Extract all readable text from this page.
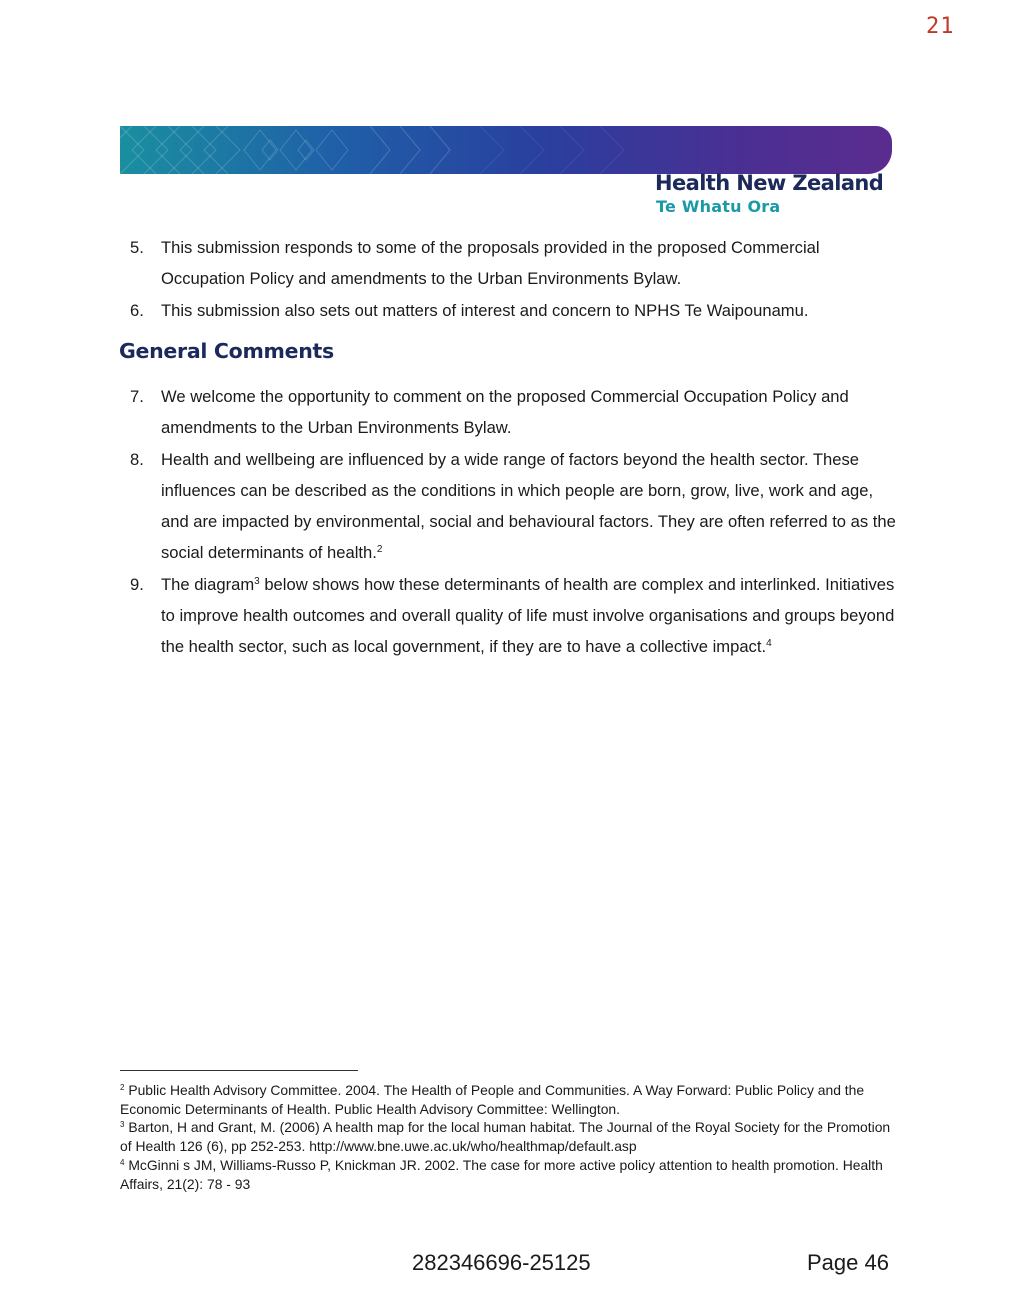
21
Health New Zealand
Te Whatu Ora
5. This submission responds to some of the proposals provided in the proposed Commercial Occupation Policy and amendments to the Urban Environments Bylaw.
6. This submission also sets out matters of interest and concern to NPHS Te Waipounamu.
General Comments
7. We welcome the opportunity to comment on the proposed Commercial Occupation Policy and amendments to the Urban Environments Bylaw.
8. Health and wellbeing are influenced by a wide range of factors beyond the health sector. These influences can be described as the conditions in which people are born, grow, live, work and age, and are impacted by environmental, social and behavioural factors. They are often referred to as the social determinants of health.$^2$
9. The diagram$^3$ below shows how these determinants of health are complex and interlinked. Initiatives to improve health outcomes and overall quality of life must involve organisations and groups beyond the health sector, such as local government, if they are to have a collective impact.$^4$

$^2$ Public Health Advisory Committee. 2004. The Health of People and Communities. A Way Forward: Public Policy and the Economic Determinants of Health. Public Health Advisory Committee: Wellington.

$^3$ Barton, H and Grant, M. (2006) A health map for the local human habitat. The Journal of the Royal Society for the Promotion of Health 126 (6), pp 252-253. http://www.bne.uwe.ac.uk/who/healthmap/default.asp

$^4$ McGinni s JM, Williams-Russo P, Knickman JR. 2002. The case for more active policy attention to health promotion. Health Affairs, 21(2): 78 - 93

282346696-25125	Page 46
